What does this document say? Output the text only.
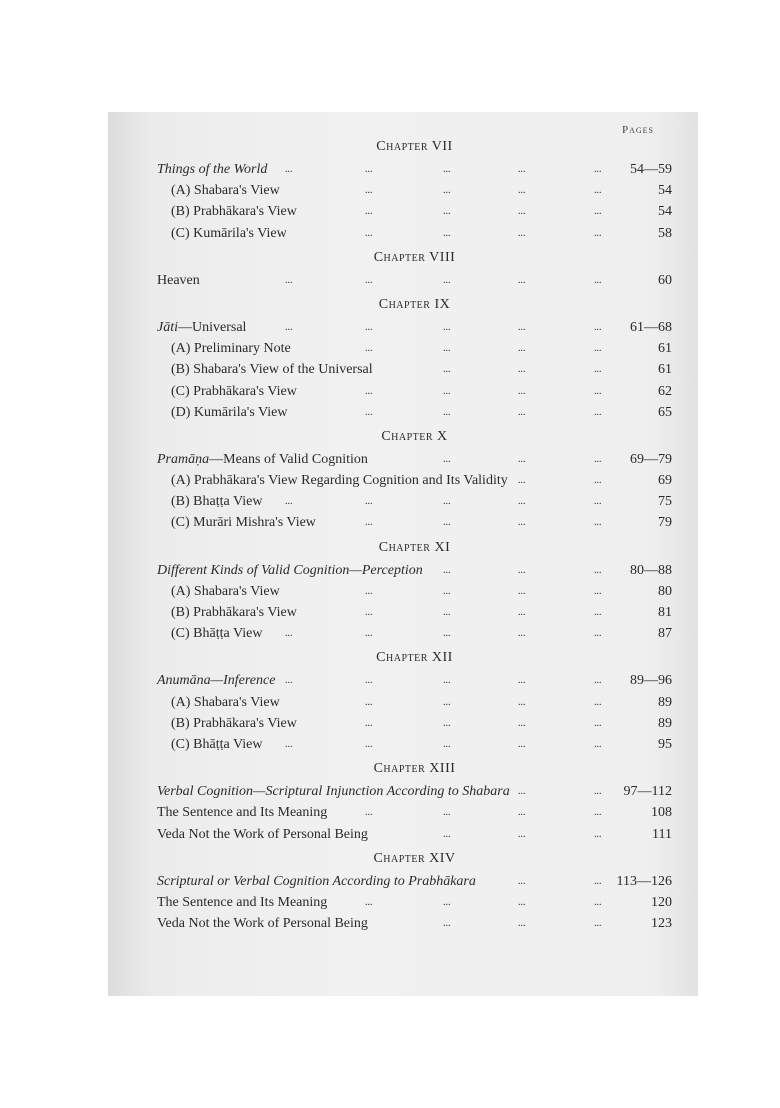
Pages
Chapter VII
...	...	...	...	...
Things of the World	54—59
...	...	...	...
(A) Shabara's View	54
...	...	...	...
(B) Prabhākara's View	54
...	...	...	...
(C) Kumārila's View	58
Chapter VIII
...	...	...	...	...
Heaven	60
Chapter IX
...	...	...	...	...
Jāti—Universal	61—68
...	...	...	...
(A) Preliminary Note	61
...	...	...
(B) Shabara's View of the Universal	61
...	...	...	...
(C) Prabhākara's View	62
...	...	...	...
(D) Kumārila's View	65
Chapter X
...	...	...
Pramāṇa—Means of Valid Cognition	69—79
...	...
(A) Prabhākara's View Regarding Cognition and Its Validity	69
...	...	...	...	...
(B) Bhaṭṭa View	75
...	...	...	...
(C) Murāri Mishra's View	79
Chapter XI
...	...	...
Different Kinds of Valid Cognition—Perception	80—88
...	...	...	...
(A) Shabara's View	80
...	...	...	...
(B) Prabhākara's View	81
...	...	...	...	...
(C) Bhāṭṭa View	87
Chapter XII
...	...	...	...	...
Anumāna—Inference	89—96
...	...	...	...
(A) Shabara's View	89
...	...	...	...
(B) Prabhākara's View	89
...	...	...	...	...
(C) Bhāṭṭa View	95
Chapter XIII
...	...
Verbal Cognition—Scriptural Injunction According to Shabara	97—112
...	...	...	...
The Sentence and Its Meaning	108
...	...	...
Veda Not the Work of Personal Being	111
Chapter XIV
...	...
Scriptural or Verbal Cognition According to Prabhākara	113—126
...	...	...	...
The Sentence and Its Meaning	120
...	...	...
Veda Not the Work of Personal Being	123
